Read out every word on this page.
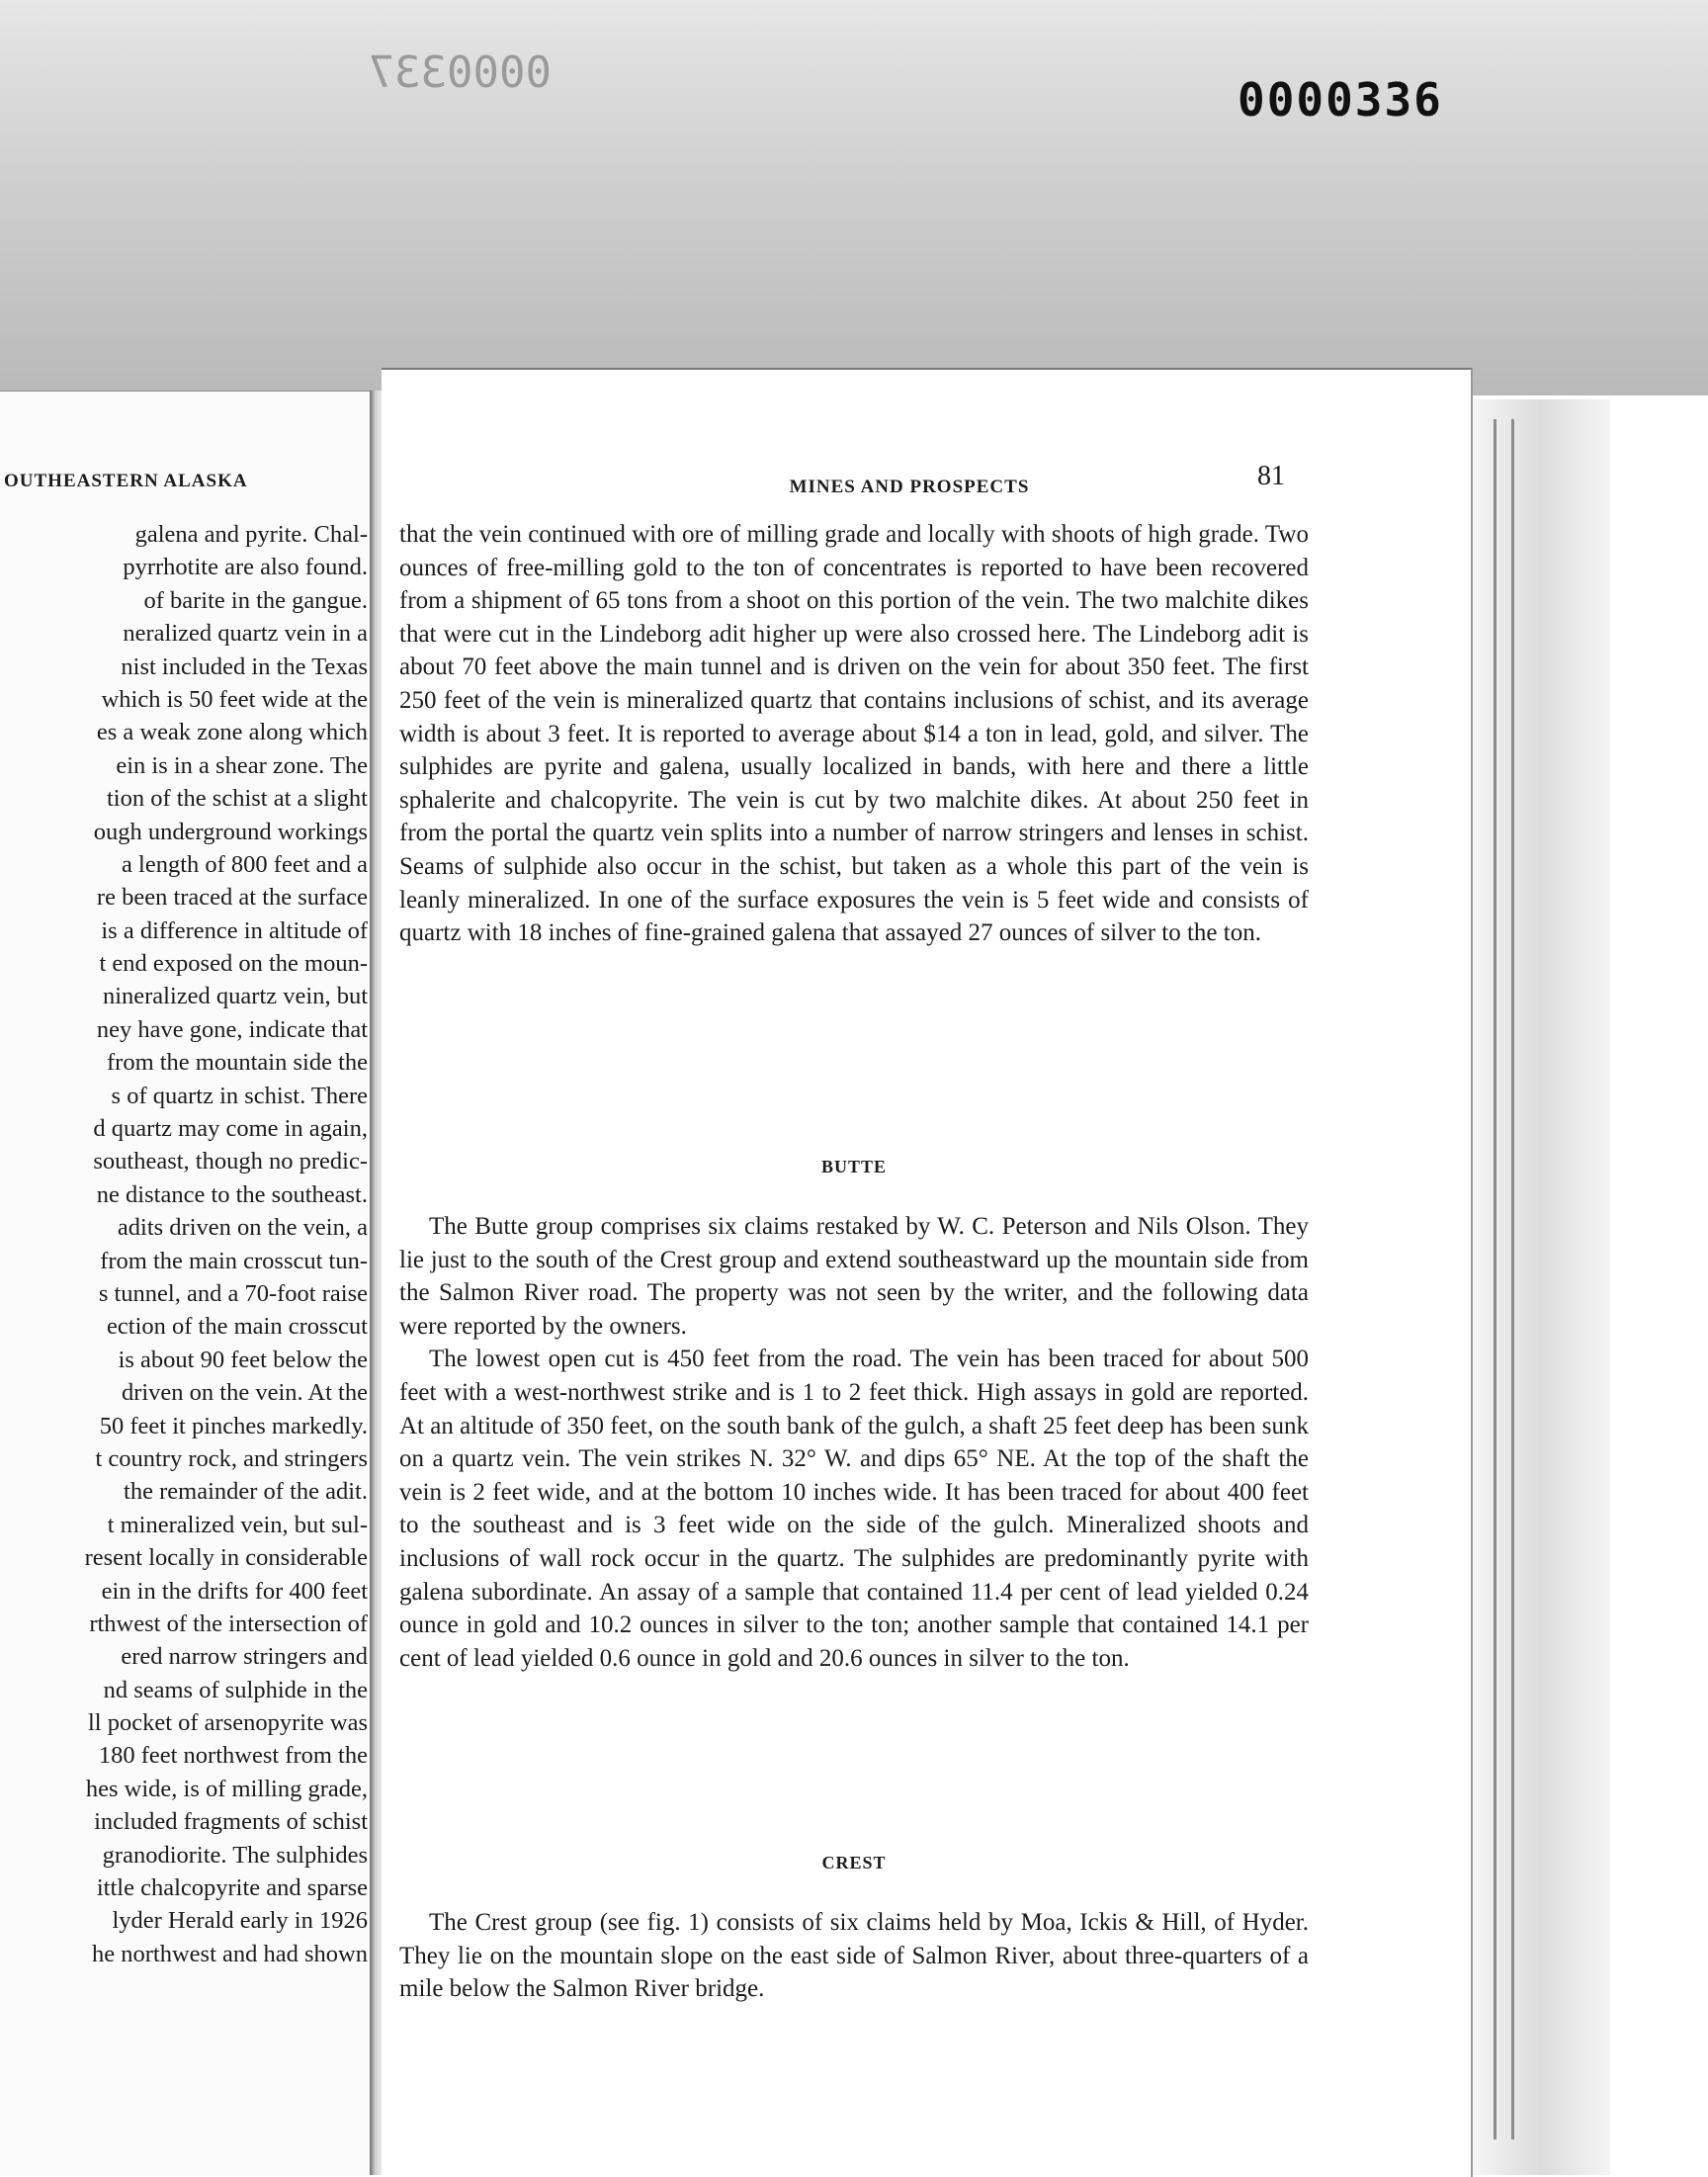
0000337
0000336
OUTHEASTERN ALASKA
galena and pyrite. Chal-
pyrrhotite are also found.
of barite in the gangue.
neralized quartz vein in a
nist included in the Texas
which is 50 feet wide at the
es a weak zone along which
ein is in a shear zone. The
tion of the schist at a slight
ough underground workings
a length of 800 feet and a
re been traced at the surface
is a difference in altitude of
t end exposed on the moun-
nineralized quartz vein, but
ney have gone, indicate that
from the mountain side the
s of quartz in schist. There
d quartz may come in again,
southeast, though no predic-
ne distance to the southeast.
adits driven on the vein, a
from the main crosscut tun-
s tunnel, and a 70-foot raise
ection of the main crosscut
is about 90 feet below the
driven on the vein. At the
50 feet it pinches markedly.
t country rock, and stringers
the remainder of the adit.
t mineralized vein, but sul-
resent locally in considerable
ein in the drifts for 400 feet
rthwest of the intersection of
ered narrow stringers and
nd seams of sulphide in the
ll pocket of arsenopyrite was
180 feet northwest from the
hes wide, is of milling grade,
included fragments of schist
granodiorite. The sulphides
ittle chalcopyrite and sparse
lyder Herald early in 1926
he northwest and had shown
MINES AND PROSPECTS	81

that the vein continued with ore of milling grade and locally with shoots of high grade. Two ounces of free-milling gold to the ton of concentrates is reported to have been recovered from a shipment of 65 tons from a shoot on this portion of the vein. The two malchite dikes that were cut in the Lindeborg adit higher up were also crossed here. The Lindeborg adit is about 70 feet above the main tunnel and is driven on the vein for about 350 feet. The first 250 feet of the vein is mineralized quartz that contains inclusions of schist, and its average width is about 3 feet. It is reported to average about $14 a ton in lead, gold, and silver. The sulphides are pyrite and galena, usually localized in bands, with here and there a little sphalerite and chalcopyrite. The vein is cut by two malchite dikes. At about 250 feet in from the portal the quartz vein splits into a number of narrow stringers and lenses in schist. Seams of sulphide also occur in the schist, but taken as a whole this part of the vein is leanly mineralized. In one of the surface exposures the vein is 5 feet wide and consists of quartz with 18 inches of fine-grained galena that assayed 27 ounces of silver to the ton.

BUTTE

The Butte group comprises six claims restaked by W. C. Peterson and Nils Olson. They lie just to the south of the Crest group and extend southeastward up the mountain side from the Salmon River road. The property was not seen by the writer, and the following data were reported by the owners.

The lowest open cut is 450 feet from the road. The vein has been traced for about 500 feet with a west-northwest strike and is 1 to 2 feet thick. High assays in gold are reported. At an altitude of 350 feet, on the south bank of the gulch, a shaft 25 feet deep has been sunk on a quartz vein. The vein strikes N. 32° W. and dips 65° NE. At the top of the shaft the vein is 2 feet wide, and at the bottom 10 inches wide. It has been traced for about 400 feet to the southeast and is 3 feet wide on the side of the gulch. Mineralized shoots and inclusions of wall rock occur in the quartz. The sulphides are predominantly pyrite with galena subordinate. An assay of a sample that contained 11.4 per cent of lead yielded 0.24 ounce in gold and 10.2 ounces in silver to the ton; another sample that contained 14.1 per cent of lead yielded 0.6 ounce in gold and 20.6 ounces in silver to the ton.

CREST

The Crest group (see fig. 1) consists of six claims held by Moa, Ickis & Hill, of Hyder. They lie on the mountain slope on the east side of Salmon River, about three-quarters of a mile below the Salmon River bridge.
